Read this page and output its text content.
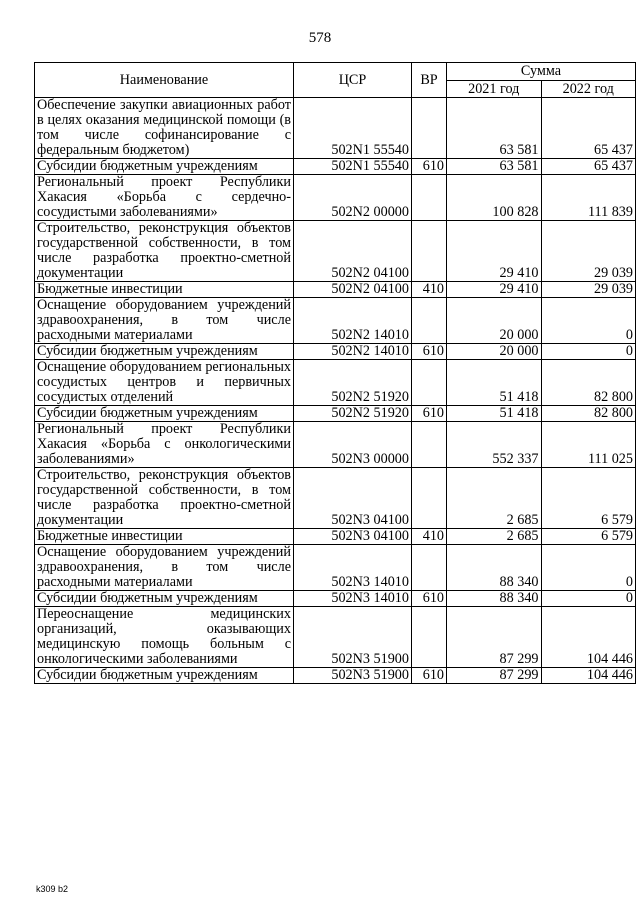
578
Наименование	ЦСР	ВР	Сумма	
			2021 год	2022 год
Обеспечение закупки авиационных работ в целях оказания медицинской помощи (в том числе софинансирование с федеральным бюджетом)	502N1 55540		63 581	65 437
Субсидии бюджетным учреждениям	502N1 55540	610	63 581	65 437
Региональный проект Республики Хакасия «Борьба с сердечно-сосудистыми заболеваниями»	502N2 00000		100 828	111 839
Строительство, реконструкция объектов государственной собственности, в том числе разработка проектно-сметной документации	502N2 04100		29 410	29 039
Бюджетные инвестиции	502N2 04100	410	29 410	29 039
Оснащение оборудованием учреждений здравоохранения, в том числе расходными материалами	502N2 14010		20 000	0
Субсидии бюджетным учреждениям	502N2 14010	610	20 000	0
Оснащение оборудованием региональных сосудистых центров и первичных сосудистых отделений	502N2 51920		51 418	82 800
Субсидии бюджетным учреждениям	502N2 51920	610	51 418	82 800
Региональный проект Республики Хакасия «Борьба с онкологическими заболеваниями»	502N3 00000		552 337	111 025
Строительство, реконструкция объектов государственной собственности, в том числе разработка проектно-сметной документации	502N3 04100		2 685	6 579
Бюджетные инвестиции	502N3 04100	410	2 685	6 579
Оснащение оборудованием учреждений здравоохранения, в том числе расходными материалами	502N3 14010		88 340	0
Субсидии бюджетным учреждениям	502N3 14010	610	88 340	0
Переоснащение медицинских организаций, оказывающих медицинскую помощь больным с онкологическими заболеваниями	502N3 51900		87 299	104 446
Субсидии бюджетным учреждениям	502N3 51900	610	87 299	104 446
k309 b2
